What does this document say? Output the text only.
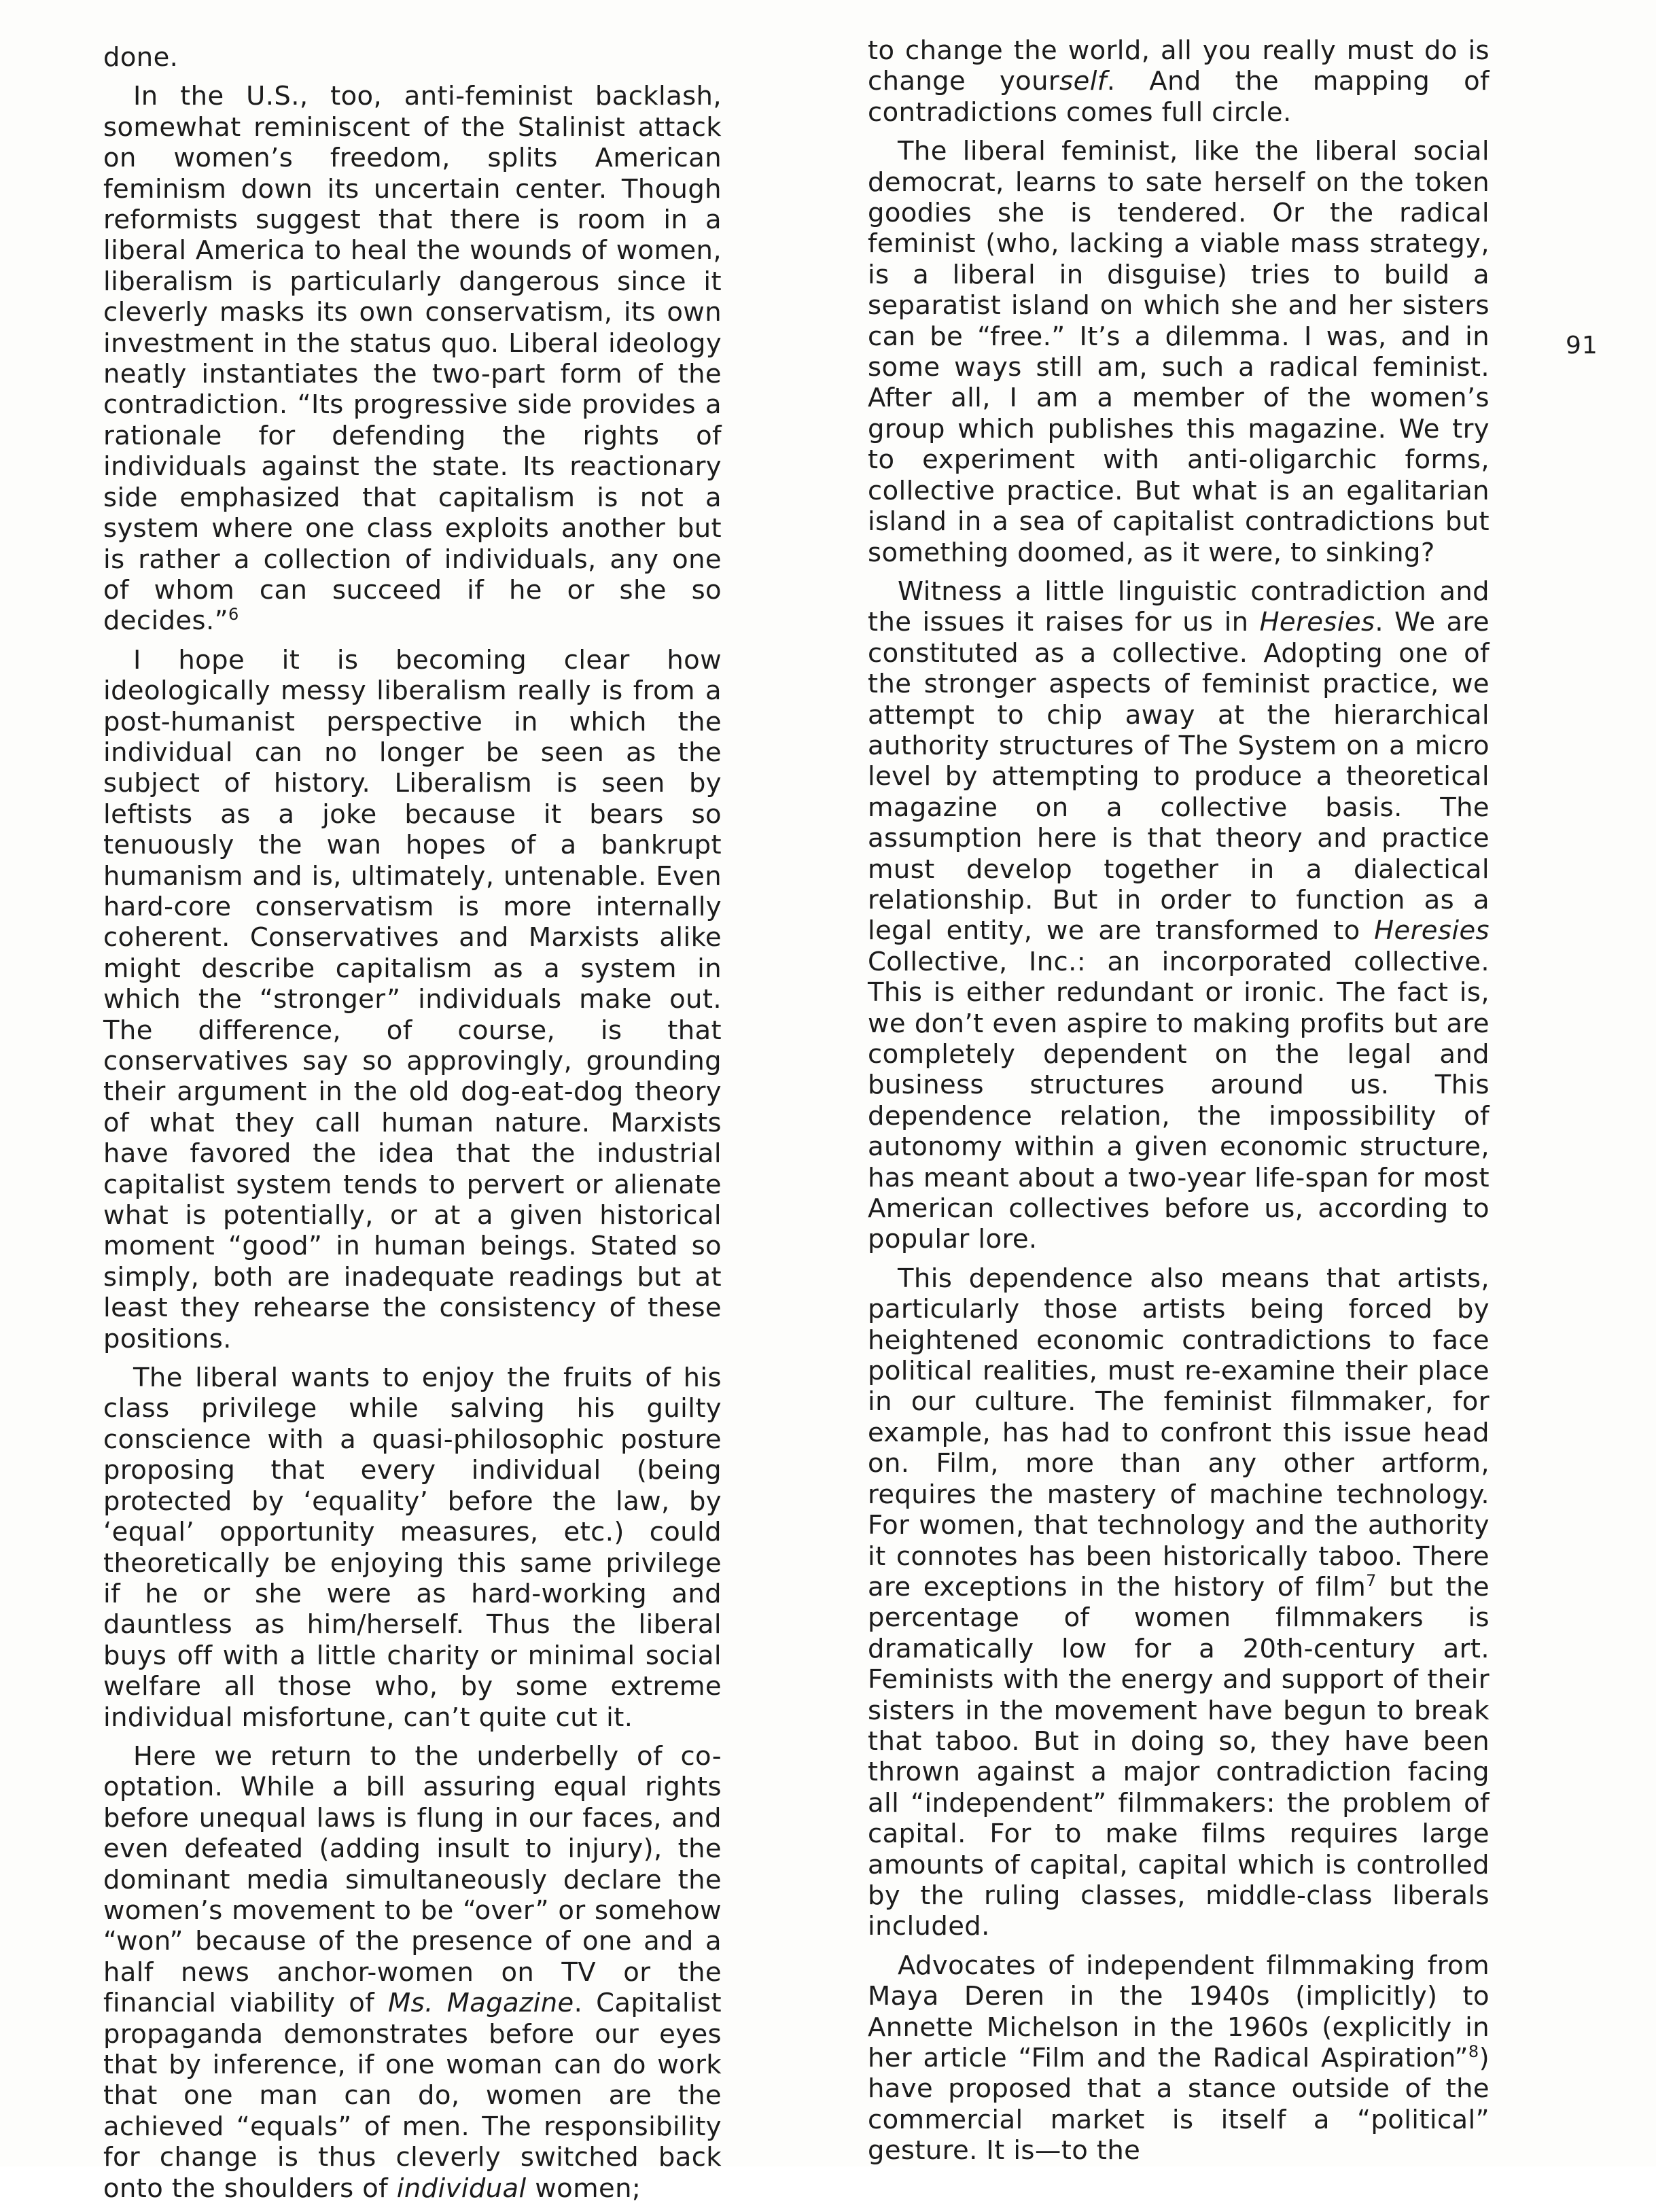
done.

In the U.S., too, anti-feminist backlash, somewhat reminiscent of the Stalinist attack on women’s freedom, splits American feminism down its uncertain center. Though reformists suggest that there is room in a liberal America to heal the wounds of women, liberalism is particularly dangerous since it cleverly masks its own conservatism, its own investment in the status quo. Liberal ideology neatly instantiates the two-part form of the contradiction. “Its progressive side provides a rationale for defending the rights of individuals against the state. Its reactionary side emphasized that capitalism is not a system where one class exploits another but is rather a collection of individuals, any one of whom can succeed if he or she so decides.”$^6$

I hope it is becoming clear how ideologically messy liberalism really is from a post-humanist perspective in which the individual can no longer be seen as the subject of history. Liberalism is seen by leftists as a joke because it bears so tenuously the wan hopes of a bankrupt humanism and is, ultimately, untenable. Even hard-core conservatism is more internally coherent. Conservatives and Marxists alike might describe capitalism as a system in which the “stronger” individuals make out. The difference, of course, is that conservatives say so approvingly, grounding their argument in the old dog-eat-dog theory of what they call human nature. Marxists have favored the idea that the industrial capitalist system tends to pervert or alienate what is potentially, or at a given historical moment “good” in human beings. Stated so simply, both are inadequate readings but at least they rehearse the consistency of these positions.

The liberal wants to enjoy the fruits of his class privilege while salving his guilty conscience with a quasi-philosophic posture proposing that every individual (being protected by ‘equality’ before the law, by ‘equal’ opportunity measures, etc.) could theoretically be enjoying this same privilege if he or she were as hard-working and dauntless as him/herself. Thus the liberal buys off with a little charity or minimal social welfare all those who, by some extreme individual misfortune, can’t quite cut it.

Here we return to the underbelly of co-optation. While a bill assuring equal rights before unequal laws is flung in our faces, and even defeated (adding insult to injury), the dominant media simultaneously declare the women’s movement to be “over” or somehow “won” because of the presence of one and a half news anchor-women on TV or the financial viability of Ms. Magazine. Capitalist propaganda demonstrates before our eyes that by inference, if one woman can do work that one man can do, women are the achieved “equals” of men. The responsibility for change is thus cleverly switched back onto the shoulders of individual women;

to change the world, all you really must do is change yourself. And the mapping of contradictions comes full circle.

The liberal feminist, like the liberal social democrat, learns to sate herself on the token goodies she is tendered. Or the radical feminist (who, lacking a viable mass strategy, is a liberal in disguise) tries to build a separatist island on which she and her sisters can be “free.” It’s a dilemma. I was, and in some ways still am, such a radical feminist. After all, I am a member of the women’s group which publishes this magazine. We try to experiment with anti-oligarchic forms, collective practice. But what is an egalitarian island in a sea of capitalist contradictions but something doomed, as it were, to sinking?

Witness a little linguistic contradiction and the issues it raises for us in Heresies. We are constituted as a collective. Adopting one of the stronger aspects of feminist practice, we attempt to chip away at the hierarchical authority structures of The System on a micro level by attempting to produce a theoretical magazine on a collective basis. The assumption here is that theory and practice must develop together in a dialectical relationship. But in order to function as a legal entity, we are transformed to Heresies Collective, Inc.: an incorporated collective. This is either redundant or ironic. The fact is, we don’t even aspire to making profits but are completely dependent on the legal and business structures around us. This dependence relation, the impossibility of autonomy within a given economic structure, has meant about a two-year life-span for most American collectives before us, according to popular lore.

This dependence also means that artists, particularly those artists being forced by heightened economic contradictions to face political realities, must re-examine their place in our culture. The feminist filmmaker, for example, has had to confront this issue head on. Film, more than any other artform, requires the mastery of machine technology. For women, that technology and the authority it connotes has been historically taboo. There are exceptions in the history of film$^7$ but the percentage of women filmmakers is dramatically low for a 20th-century art. Feminists with the energy and support of their sisters in the movement have begun to break that taboo. But in doing so, they have been thrown against a major contradiction facing all “independent” filmmakers: the problem of capital. For to make films requires large amounts of capital, capital which is controlled by the ruling classes, middle-class liberals included.

Advocates of independent filmmaking from Maya Deren in the 1940s (implicitly) to Annette Michelson in the 1960s (explicitly in her article “Film and the Radical Aspiration”$^8$) have proposed that a stance outside of the commercial market is itself a “political” gesture. It is—to the

91
